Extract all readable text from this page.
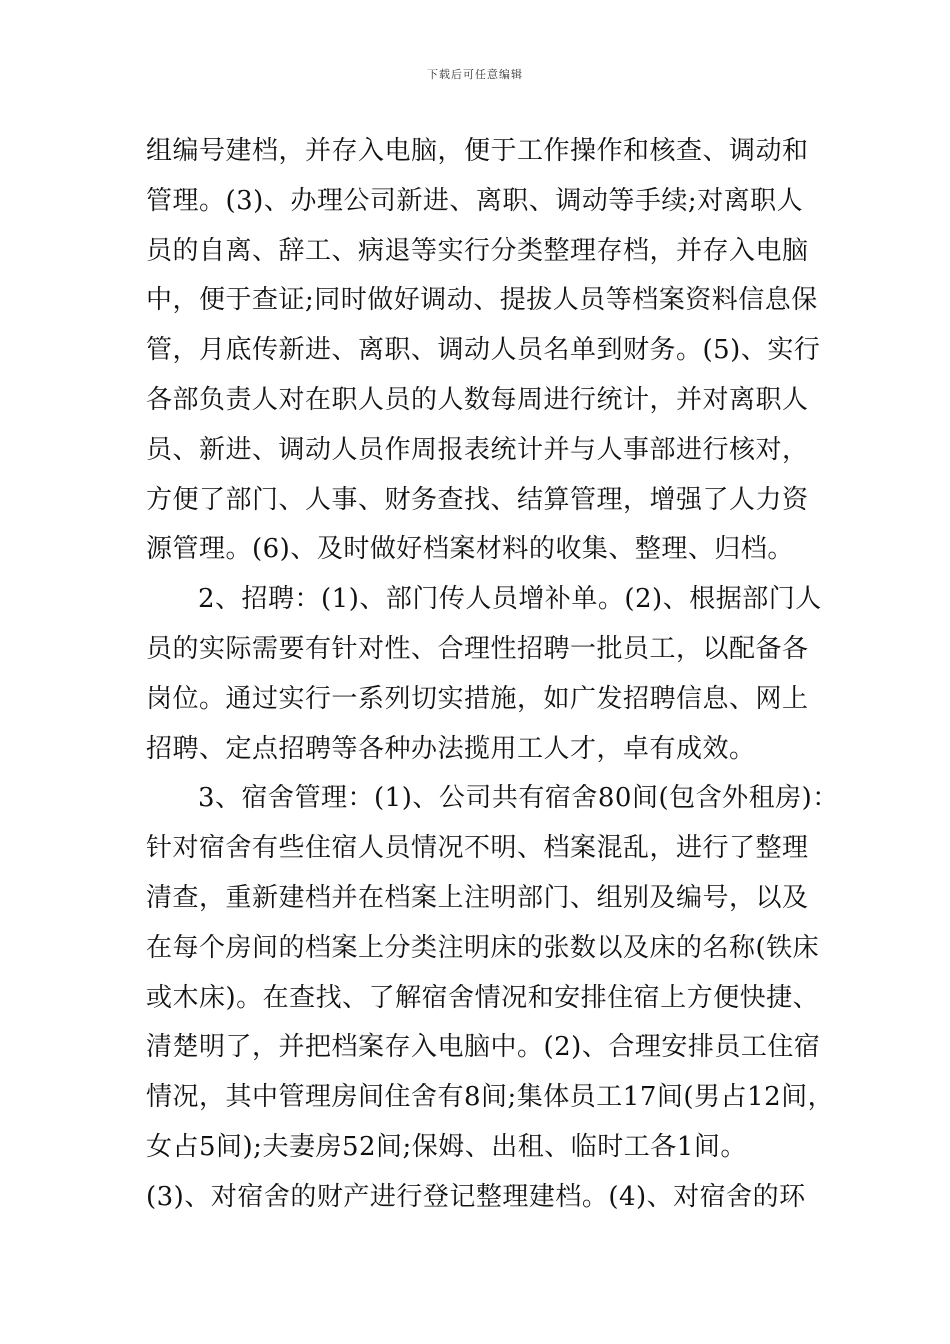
下载后可任意编辑
组编号建档，并存入电脑，便于工作操作和核查、调动和
管理。(3)、办理公司新进、离职、调动等手续;对离职人
员的自离、辞工、病退等实行分类整理存档，并存入电脑
中，便于查证;同时做好调动、提拔人员等档案资料信息保
管，月底传新进、离职、调动人员名单到财务。(5)、实行
各部负责人对在职人员的人数每周进行统计，并对离职人
员、新进、调动人员作周报表统计并与人事部进行核对，
方便了部门、人事、财务查找、结算管理，增强了人力资
源管理。(6)、及时做好档案材料的收集、整理、归档。
2、招聘：(1)、部门传人员增补单。(2)、根据部门人
员的实际需要有针对性、合理性招聘一批员工，以配备各
岗位。通过实行一系列切实措施，如广发招聘信息、网上
招聘、定点招聘等各种办法揽用工人才，卓有成效。
3、宿舍管理：(1)、公司共有宿舍80间(包含外租房)：
针对宿舍有些住宿人员情况不明、档案混乱，进行了整理
清查，重新建档并在档案上注明部门、组别及编号，以及
在每个房间的档案上分类注明床的张数以及床的名称(铁床
或木床)。在查找、了解宿舍情况和安排住宿上方便快捷、
清楚明了，并把档案存入电脑中。(2)、合理安排员工住宿
情况，其中管理房间住舍有8间;集体员工17间(男占12间，
女占5间);夫妻房52间;保姆、出租、临时工各1间。
(3)、对宿舍的财产进行登记整理建档。(4)、对宿舍的环
